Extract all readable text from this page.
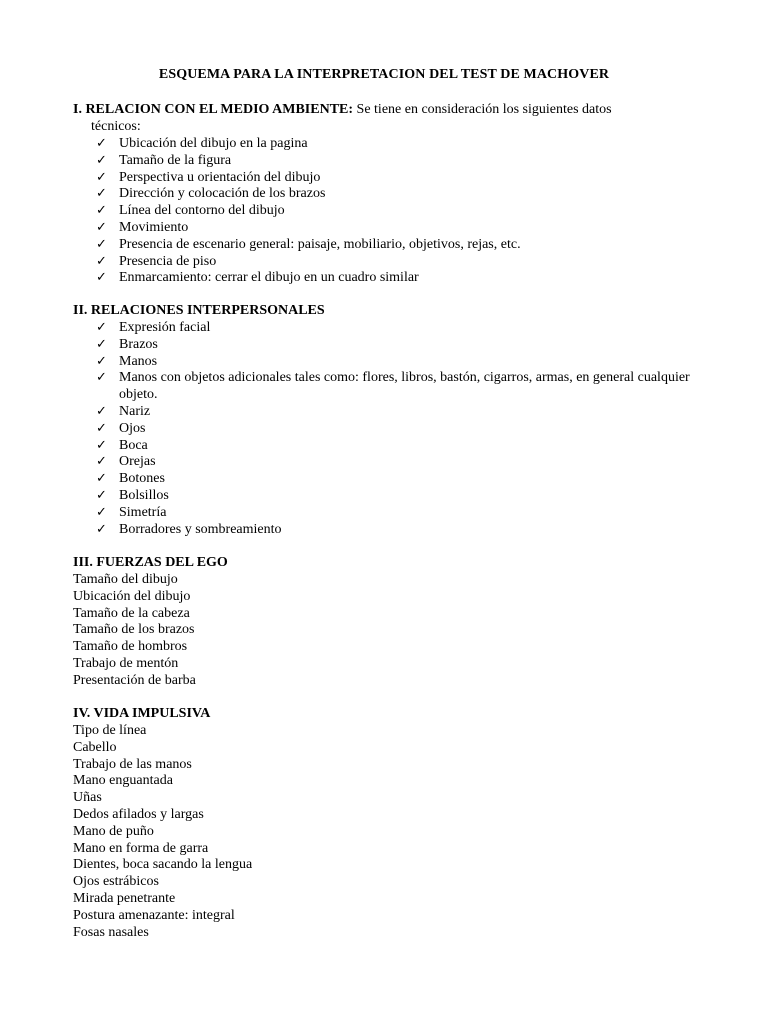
ESQUEMA PARA LA INTERPRETACION DEL TEST DE MACHOVER
I. RELACION CON EL MEDIO AMBIENTE: Se tiene en consideración los siguientes datos
técnicos:
✓ Ubicación del dibujo en la pagina
✓ Tamaño de la figura
✓ Perspectiva u orientación del dibujo
✓ Dirección y colocación de los brazos
✓ Línea del contorno del dibujo
✓ Movimiento
✓ Presencia de escenario general: paisaje, mobiliario, objetivos, rejas, etc.
✓ Presencia de piso
✓ Enmarcamiento: cerrar el dibujo en un cuadro similar
II. RELACIONES INTERPERSONALES
✓ Expresión facial
✓ Brazos
✓ Manos
✓ Manos con objetos adicionales tales como: flores, libros, bastón, cigarros, armas, en general cualquier objeto.
✓ Nariz
✓ Ojos
✓ Boca
✓ Orejas
✓ Botones
✓ Bolsillos
✓ Simetría
✓ Borradores y sombreamiento
III. FUERZAS DEL EGO
Tamaño del dibujo
Ubicación del dibujo
Tamaño de la cabeza
Tamaño de los brazos
Tamaño de hombros
Trabajo de mentón
Presentación de barba
IV. VIDA IMPULSIVA
Tipo de línea
Cabello
Trabajo de las manos
Mano enguantada
Uñas
Dedos afilados y largas
Mano de puño
Mano en forma de garra
Dientes, boca sacando la lengua
Ojos estrábicos
Mirada penetrante
Postura amenazante: integral
Fosas nasales
